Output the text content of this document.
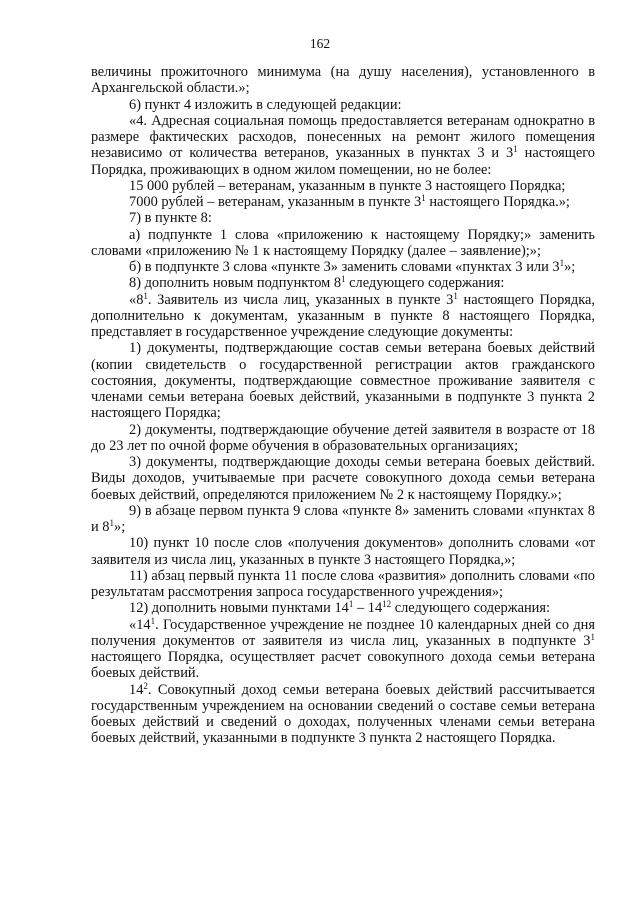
162

величины прожиточного минимума (на душу населения), установленного в Архангельской области.»;

6) пункт 4 изложить в следующей редакции:

«4. Адресная социальная помощь предоставляется ветеранам однократно в размере фактических расходов, понесенных на ремонт жилого помещения независимо от количества ветеранов, указанных в пунктах 3 и $3^1$ настоящего Порядка, проживающих в одном жилом помещении, но не более:

15 000 рублей – ветеранам, указанным в пункте 3 настоящего Порядка;

7000 рублей – ветеранам, указанным в пункте $3^1$ настоящего Порядка.»;

7) в пункте 8:

а) подпункте 1 слова «приложению к настоящему Порядку;» заменить словами «приложению № 1 к настоящему Порядку (далее – заявление);»;

б) в подпункте 3 слова «пункте 3» заменить словами «пунктах 3 или $3^1$»;

8) дополнить новым подпунктом $8^1$ следующего содержания:

«$8^1$. Заявитель из числа лиц, указанных в пункте $3^1$ настоящего Порядка, дополнительно к документам, указанным в пункте 8 настоящего Порядка, представляет в государственное учреждение следующие документы:

1) документы, подтверждающие состав семьи ветерана боевых действий (копии свидетельств о государственной регистрации актов гражданского состояния, документы, подтверждающие совместное проживание заявителя с членами семьи ветерана боевых действий, указанными в подпункте 3 пункта 2 настоящего Порядка;

2) документы, подтверждающие обучение детей заявителя в возрасте от 18 до 23 лет по очной форме обучения в образовательных организациях;

3) документы, подтверждающие доходы семьи ветерана боевых действий. Виды доходов, учитываемые при расчете совокупного дохода семьи ветерана боевых действий, определяются приложением № 2 к настоящему Порядку.»;

9) в абзаце первом пункта 9 слова «пункте 8» заменить словами «пунктах 8 и $8^1$»;

10) пункт 10 после слов «получения документов» дополнить словами «от заявителя из числа лиц, указанных в пункте 3 настоящего Порядка,»;

11) абзац первый пункта 11 после слова «развития» дополнить словами «по результатам рассмотрения запроса государственного учреждения»;

12) дополнить новыми пунктами $14^1 - 14^{12}$ следующего содержания:

«$14^1$. Государственное учреждение не позднее 10 календарных дней со дня получения документов от заявителя из числа лиц, указанных в подпункте $3^1$ настоящего Порядка, осуществляет расчет совокупного дохода семьи ветерана боевых действий.

$14^2$. Совокупный доход семьи ветерана боевых действий рассчитывается государственным учреждением на основании сведений о составе семьи ветерана боевых действий и сведений о доходах, полученных членами семьи ветерана боевых действий, указанными в подпункте 3 пункта 2 настоящего Порядка.
